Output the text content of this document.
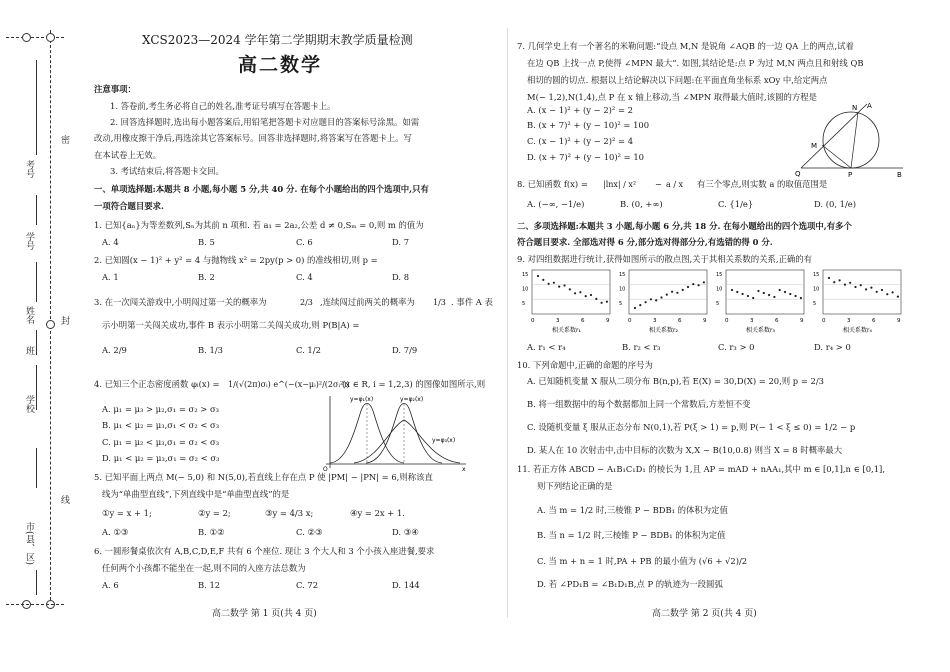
密
封
线
考号
学号
姓名
班
学校
市(县、区)
XCS2023—2024 学年第二学期期末教学质量检测
高二数学
注意事项：
1. 答卷前,考生务必将自己的姓名,准考证号填写在答题卡上。
2. 回答选择题时,选出每小题答案后,用铅笔把答题卡对应题目的答案标号涂黑。如需
改动,用橡皮擦干净后,再选涂其它答案标号。回答非选择题时,将答案写在答题卡上。写
在本试卷上无效。
3. 考试结束后,将答题卡交回。
一、单项选择题:本题共 8 小题,每小题 5 分,共 40 分. 在每个小题给出的四个选项中,只有
一项符合题目要求.
1. 已知{aₙ}为等差数列,Sₙ为其前 n 项和. 若 a₁ = 2a₂,公差 d ≠ 0,Sₘ = 0,则 m 的值为
A. 4	B. 5	C. 6	D. 7
2. 已知圆(x − 1)² + y² = 4 与抛物线 x² = 2py(p > 0) 的准线相切,则 p =
A. 1	B. 2	C. 4	D. 8
3. 在一次闯关游戏中,小明闯过第一关的概率为	2/3 ,连续闯过前两关的概率为 1/3 . 事件 A 表
示小明第一关闯关成功,事件 B 表示小明第二关闯关成功,则 P(B|A) =
A. 2/9	B. 1/3	C. 1/2	D. 7/9
4. 已知三个正态密度函数 φᵢ(x) = 1/(√(2π)σᵢ) e^(−(x−μᵢ)²/(2σᵢ²))
(x ∈ R, i = 1,2,3) 的图像如图所示,则
A. μ₁ = μ₃ > μ₂,σ₁ = σ₂ > σ₃
B. μ₁ < μ₂ = μ₃,σ₁ < σ₂ < σ₃
C. μ₁ = μ₂ < μ₃,σ₁ = σ₂ < σ₃
D. μ₁ < μ₂ = μ₃,σ₁ = σ₂ < σ₃
y=φ₁(x)	y=φ₂(x)
y=φ₃(x)
O	x
5. 已知平面上两点 M(− 5,0) 和 N(5,0),若直线上存在点 P 使 |PM| − |PN| = 6,则称该直
线为“单曲型直线”,下列直线中是“单曲型直线”的是
①y = x + 1;	②y = 2;	③y = 4/3 x;	④y = 2x + 1.
A. ①③	B. ①②	C. ②③	D. ③④
6. 一圆形餐桌依次有 A,B,C,D,E,F 共有 6 个座位. 现让 3 个大人和 3 个小孩入座进餐,要求
任何两个小孩都不能坐在一起,则不同的入座方法总数为
A. 6	B. 12	C. 72	D. 144
高二数学 第 1 页(共 4 页)
7. 几何学史上有一个著名的米勒问题:“设点 M,N 是锐角 ∠AQB 的一边 QA 上的两点,试着
在边 QB 上找一点 P,使得 ∠MPN 最大”. 如图,其结论是:点 P 为过 M,N 两点且和射线 QB
相切的圆的切点. 根据以上结论解决以下问题:在平面直角坐标系 xOy 中,给定两点
M(− 1,2),N(1,4),点 P 在 x 轴上移动,当 ∠MPN 取得最大值时,该圆的方程是
A. (x − 1)² + (y − 2)² = 2
B. (x + 7)² + (y − 10)² = 100
C. (x − 1)² + (y − 2)² = 4
D. (x + 7)² + (y − 10)² = 10
N A
M
Q	P	B
8. 已知函数 f(x) = |lnx| / x² − a / x 有三个零点,则实数 a 的取值范围是
A. (−∞, −1/e)	B. (0, +∞)	C. {1/e}	D. (0, 1/e)
二、多项选择题:本题共 3 小题,每小题 6 分,共 18 分. 在每小题给出的四个选项中,有多个
符合题目要求. 全部选对得 6 分,部分选对得部分分,有选错的得 0 分.
9. 对四组数据进行统计,获得如图所示的散点图,关于其相关系数的关系,正确的有
0	3	6	9
15
10
5
相关系数r₁
0	3	6	9
15
10
5
相关系数r₂
0	3	6	9
15
10
5
相关系数r₃
0	3	6	9
15
10
5
相关系数r₄
A. r₁ < r₄	B. r₂ < r₃	C. r₃ > 0	D. r₄ > 0
10. 下列命题中,正确的命题的序号为
A. 已知随机变量 X 服从二项分布 B(n,p),若 E(X) = 30,D(X) = 20,则 p = 2/3
B. 将一组数据中的每个数据都加上同一个常数后,方差恒不变
C. 设随机变量 ξ 服从正态分布 N(0,1),若 P(ξ > 1) = p,则 P(− 1 < ξ ≤ 0) = 1/2 − p
D. 某人在 10 次射击中,击中目标的次数为 X,X ~ B(10,0.8) 则当 X = 8 时概率最大
11. 若正方体 ABCD − A₁B₁C₁D₁ 的棱长为 1,且 AP = mAD + nAA₁,其中 m ∈ [0,1],n ∈ [0,1],
则下列结论正确的是
A. 当 m = 1/2 时,三棱锥 P − BDB₁ 的体积为定值
B. 当 n = 1/2 时,三棱锥 P − BDB₁ 的体积为定值
C. 当 m + n = 1 时,PA + PB 的最小值为 (√6 + √2)/2
D. 若 ∠PD₁B = ∠B₁D₁B,点 P 的轨迹为一段圆弧
高二数学 第 2 页(共 4 页)
